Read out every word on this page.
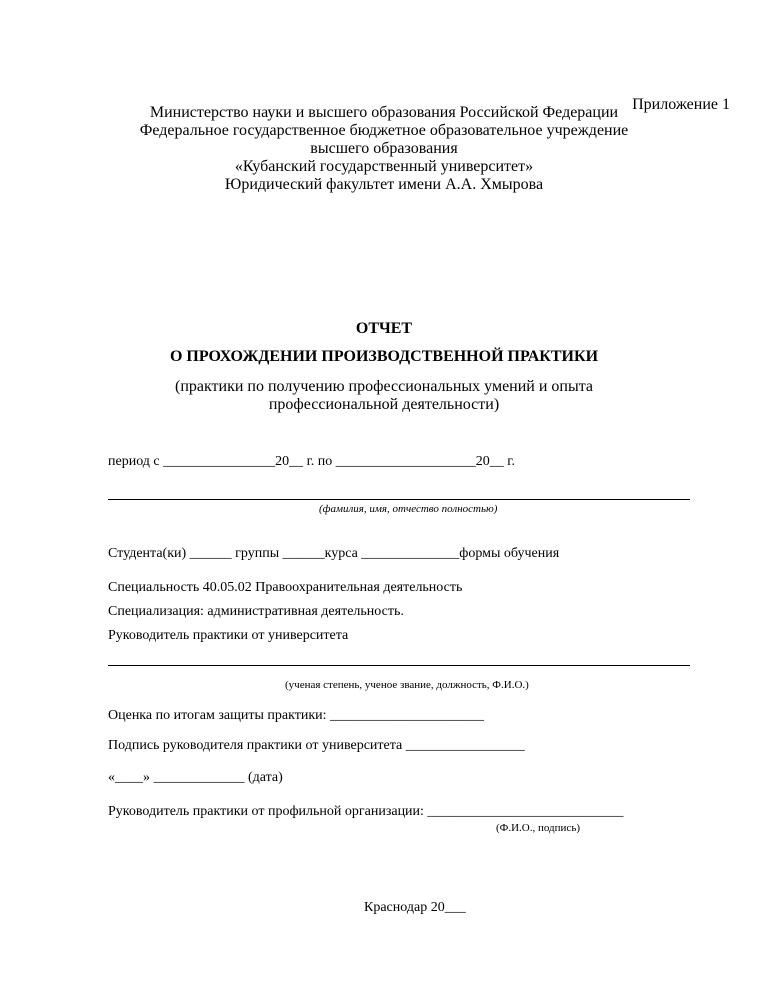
Приложение 1
Министерство науки и высшего образования Российской Федерации
Федеральное государственное бюджетное образовательное учреждение
высшего образования
«Кубанский государственный университет»
Юридический факультет имени А.А. Хмырова
ОТЧЕТ
О ПРОХОЖДЕНИИ ПРОИЗВОДСТВЕННОЙ ПРАКТИКИ
(практики по получению профессиональных умений и опыта
профессиональной деятельности)
период с ________________20__ г. по ____________________20__ г.
(фамилия, имя, отчество полностью)
Студента(ки) ______ группы ______курса ______________формы обучения
Специальность 40.05.02 Правоохранительная деятельность
Специализация: административная деятельность.
Руководитель практики от университета
(ученая степень, ученое звание, должность, Ф.И.О.)
Оценка по итогам защиты практики: ______________________
Подпись руководителя практики от университета _________________
«____» _____________ (дата)
Руководитель практики от профильной организации: ____________________________
(Ф.И.О., подпись)
Краснодар 20___
